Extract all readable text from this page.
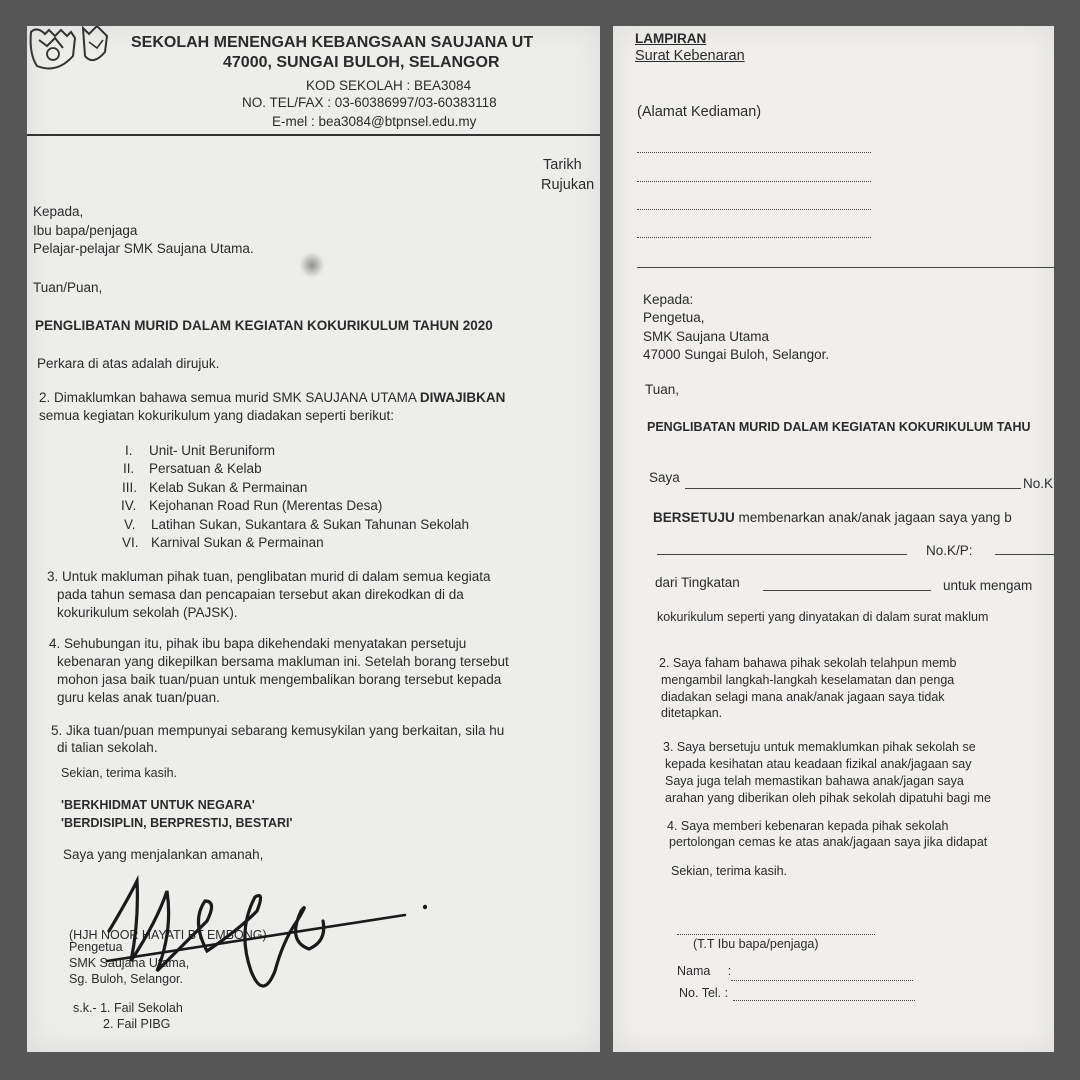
SEKOLAH MENENGAH KEBANGSAAN SAUJANA UT
47000, SUNGAI BULOH, SELANGOR
KOD SEKOLAH : BEA3084
NO. TEL/FAX : 03-60386997/03-60383118
E-mel : bea3084@btpnsel.edu.my
Tarikh
Rujukan
Kepada,
Ibu bapa/penjaga
Pelajar-pelajar SMK Saujana Utama.
Tuan/Puan,
PENGLIBATAN MURID DALAM KEGIATAN KOKURIKULUM TAHUN 2020
Perkara di atas adalah dirujuk.
2. Dimaklumkan bahawa semua murid SMK SAUJANA UTAMA DIWAJIBKAN
semua kegiatan kokurikulum yang diadakan seperti berikut:
I. Unit- Unit Beruniform
II. Persatuan & Kelab
III. Kelab Sukan & Permainan
IV. Kejohanan Road Run (Merentas Desa)
V. Latihan Sukan, Sukantara & Sukan Tahunan Sekolah
VI. Karnival Sukan & Permainan
3. Untuk makluman pihak tuan, penglibatan murid di dalam semua kegiata
pada tahun semasa dan pencapaian tersebut akan direkodkan di da
kokurikulum sekolah (PAJSK).
4. Sehubungan itu, pihak ibu bapa dikehendaki menyatakan persetuju
kebenaran yang dikepilkan bersama makluman ini. Setelah borang tersebut
mohon jasa baik tuan/puan untuk mengembalikan borang tersebut kepada
guru kelas anak tuan/puan.
5. Jika tuan/puan mempunyai sebarang kemusykilan yang berkaitan, sila hu
di talian sekolah.
Sekian, terima kasih.
'BERKHIDMAT UNTUK NEGARA'
'BERDISIPLIN, BERPRESTIJ, BESTARI'
Saya yang menjalankan amanah,
(HJH NOOR HAYATI BT EMBONG)
Pengetua
SMK Saujana Utama,
Sg. Buloh, Selangor.
s.k.- 1. Fail Sekolah
2. Fail PIBG
LAMPIRAN
Surat Kebenaran
(Alamat Kediaman)
Kepada:
Pengetua,
SMK Saujana Utama
47000 Sungai Buloh, Selangor.
Tuan,
PENGLIBATAN MURID DALAM KEGIATAN KOKURIKULUM TAHU
Saya	No.K
BERSETUJU membenarkan anak/anak jagaan saya yang b
No.K/P:
dari Tingkatan	untuk mengam
kokurikulum seperti yang dinyatakan di dalam surat maklum
2. Saya faham bahawa pihak sekolah telahpun memb
mengambil langkah-langkah keselamatan dan penga
diadakan selagi mana anak/anak jagaan saya tidak
ditetapkan.
3. Saya bersetuju untuk memaklumkan pihak sekolah se
kepada kesihatan atau keadaan fizikal anak/jagaan say
Saya juga telah memastikan bahawa anak/jagan saya
arahan yang diberikan oleh pihak sekolah dipatuhi bagi me
4. Saya memberi kebenaran kepada pihak sekolah
pertolongan cemas ke atas anak/jagaan saya jika didapat
Sekian, terima kasih.
(T.T Ibu bapa/penjaga)
Nama     :
No. Tel. :
